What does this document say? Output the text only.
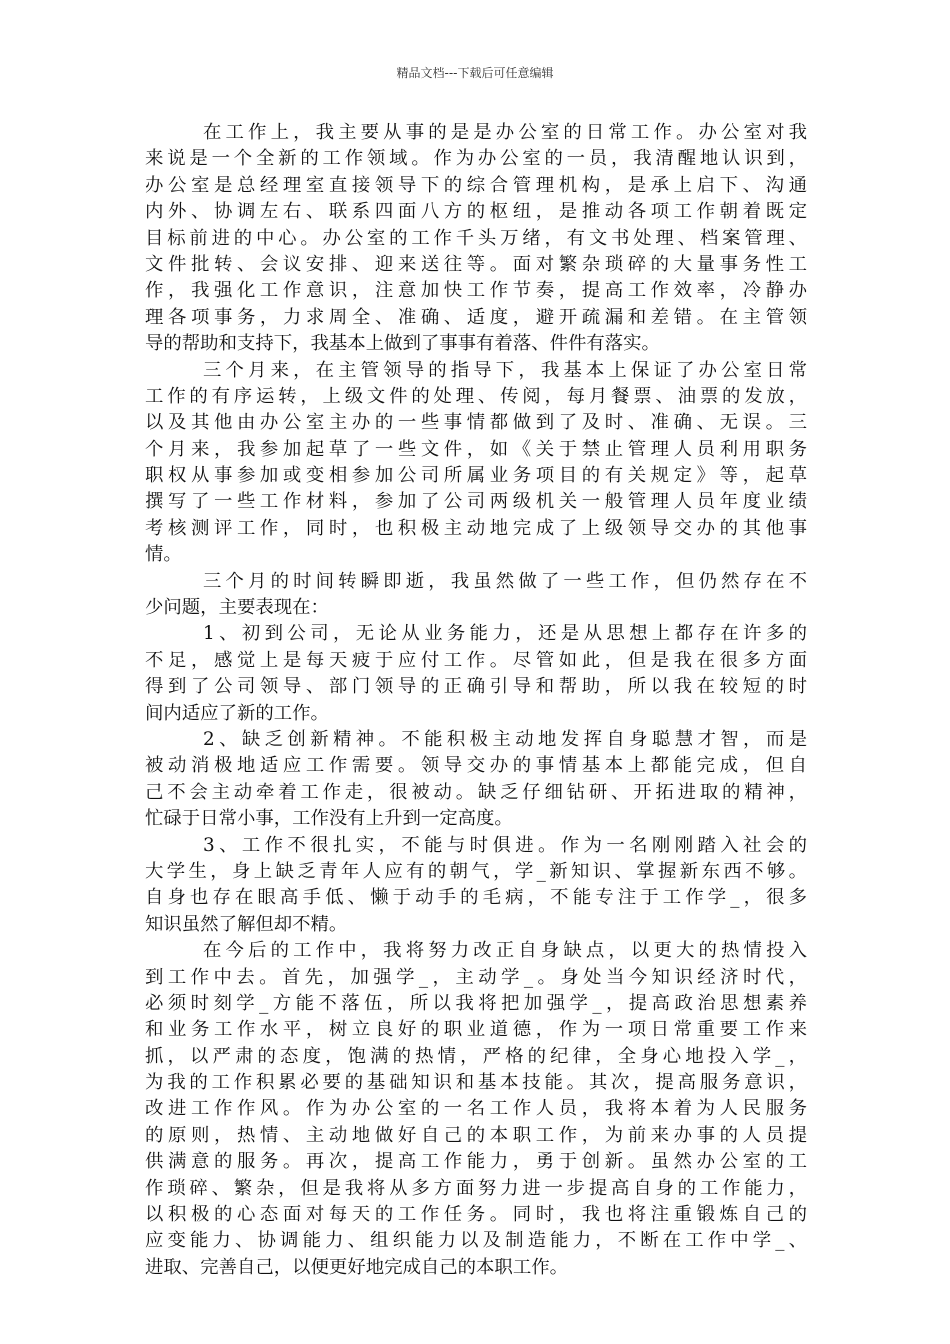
精品文档---下载后可任意编辑
在工作上，我主要从事的是是办公室的日常工作。办公室对我
来说是一个全新的工作领域。作为办公室的一员，我清醒地认识到，
办公室是总经理室直接领导下的综合管理机构，是承上启下、沟通
内外、协调左右、联系四面八方的枢纽，是推动各项工作朝着既定
目标前进的中心。办公室的工作千头万绪，有文书处理、档案管理、
文件批转、会议安排、迎来送往等。面对繁杂琐碎的大量事务性工
作，我强化工作意识，注意加快工作节奏，提高工作效率，冷静办
理各项事务，力求周全、准确、适度，避开疏漏和差错。在主管领
导的帮助和支持下，我基本上做到了事事有着落、件件有落实。
三个月来，在主管领导的指导下，我基本上保证了办公室日常
工作的有序运转，上级文件的处理、传阅，每月餐票、油票的发放，
以及其他由办公室主办的一些事情都做到了及时、准确、无误。三
个月来，我参加起草了一些文件，如《关于禁止管理人员利用职务
职权从事参加或变相参加公司所属业务项目的有关规定》等，起草
撰写了一些工作材料，参加了公司两级机关一般管理人员年度业绩
考核测评工作，同时，也积极主动地完成了上级领导交办的其他事
情。
三个月的时间转瞬即逝，我虽然做了一些工作，但仍然存在不
少问题，主要表现在：
1、初到公司，无论从业务能力，还是从思想上都存在许多的
不足，感觉上是每天疲于应付工作。尽管如此，但是我在很多方面
得到了公司领导、部门领导的正确引导和帮助，所以我在较短的时
间内适应了新的工作。
2、缺乏创新精神。不能积极主动地发挥自身聪慧才智，而是
被动消极地适应工作需要。领导交办的事情基本上都能完成，但自
己不会主动牵着工作走，很被动。缺乏仔细钻研、开拓进取的精神，
忙碌于日常小事，工作没有上升到一定高度。
3、工作不很扎实，不能与时俱进。作为一名刚刚踏入社会的
大学生，身上缺乏青年人应有的朝气，学_新知识、掌握新东西不够。
自身也存在眼高手低、懒于动手的毛病，不能专注于工作学_，很多
知识虽然了解但却不精。
在今后的工作中，我将努力改正自身缺点，以更大的热情投入
到工作中去。首先，加强学_，主动学_。身处当今知识经济时代，
必须时刻学_方能不落伍，所以我将把加强学_，提高政治思想素养
和业务工作水平，树立良好的职业道德，作为一项日常重要工作来
抓，以严肃的态度，饱满的热情，严格的纪律，全身心地投入学_，
为我的工作积累必要的基础知识和基本技能。其次，提高服务意识，
改进工作作风。作为办公室的一名工作人员，我将本着为人民服务
的原则，热情、主动地做好自己的本职工作，为前来办事的人员提
供满意的服务。再次，提高工作能力，勇于创新。虽然办公室的工
作琐碎、繁杂，但是我将从多方面努力进一步提高自身的工作能力，
以积极的心态面对每天的工作任务。同时，我也将注重锻炼自己的
应变能力、协调能力、组织能力以及制造能力，不断在工作中学_、
进取、完善自己，以便更好地完成自己的本职工作。
